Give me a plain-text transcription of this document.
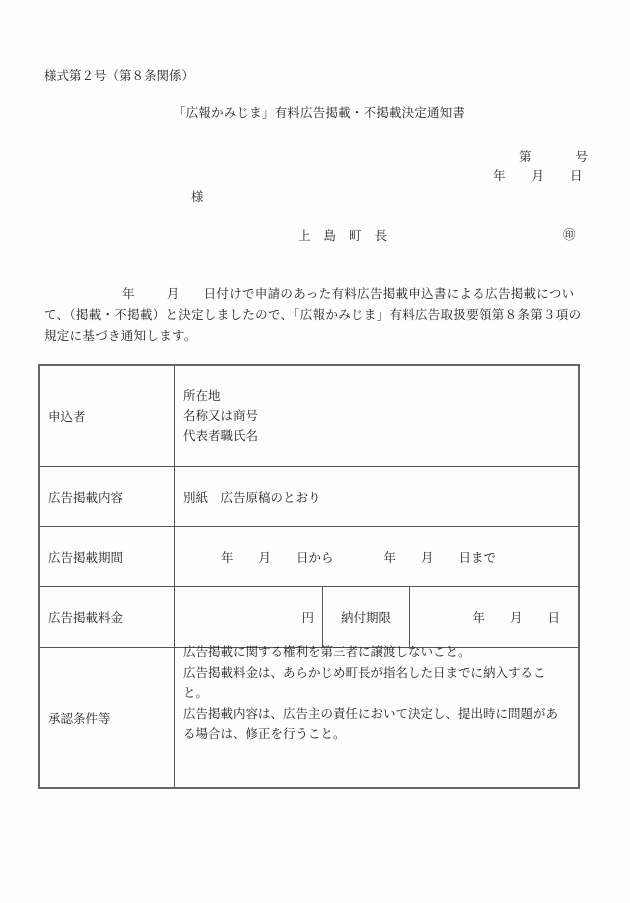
様式第２号（第８条関係）
「広報かみじま」有料広告掲載・不掲載決定通知書
第	号
年 月 日
様
上 島 町 長	㊞
年	月 日付けで申請のあった有料広告掲載申込書による広告掲載について、（掲載・不掲載）と決定しましたので、「広報かみじま」有料広告取扱要領第８条第３項の規定に基づき通知します。
申込者	所在地
名称又は商号
代表者職氏名		

広告掲載内容	別紙　広告原稿のとおり		
広告掲載期間	年　　月　　日から　　　　年　　月　　日まで		
広告掲載料金	円	納付期限	年　　月　　日
承認条件等	広告掲載に関する権利を第三者に譲渡しないこと。
広告掲載料金は、あらかじめ町長が指名した日までに納入すること。
広告掲載内容は、広告主の責任において決定し、提出時に問題がある場合は、修正を行うこと。		
